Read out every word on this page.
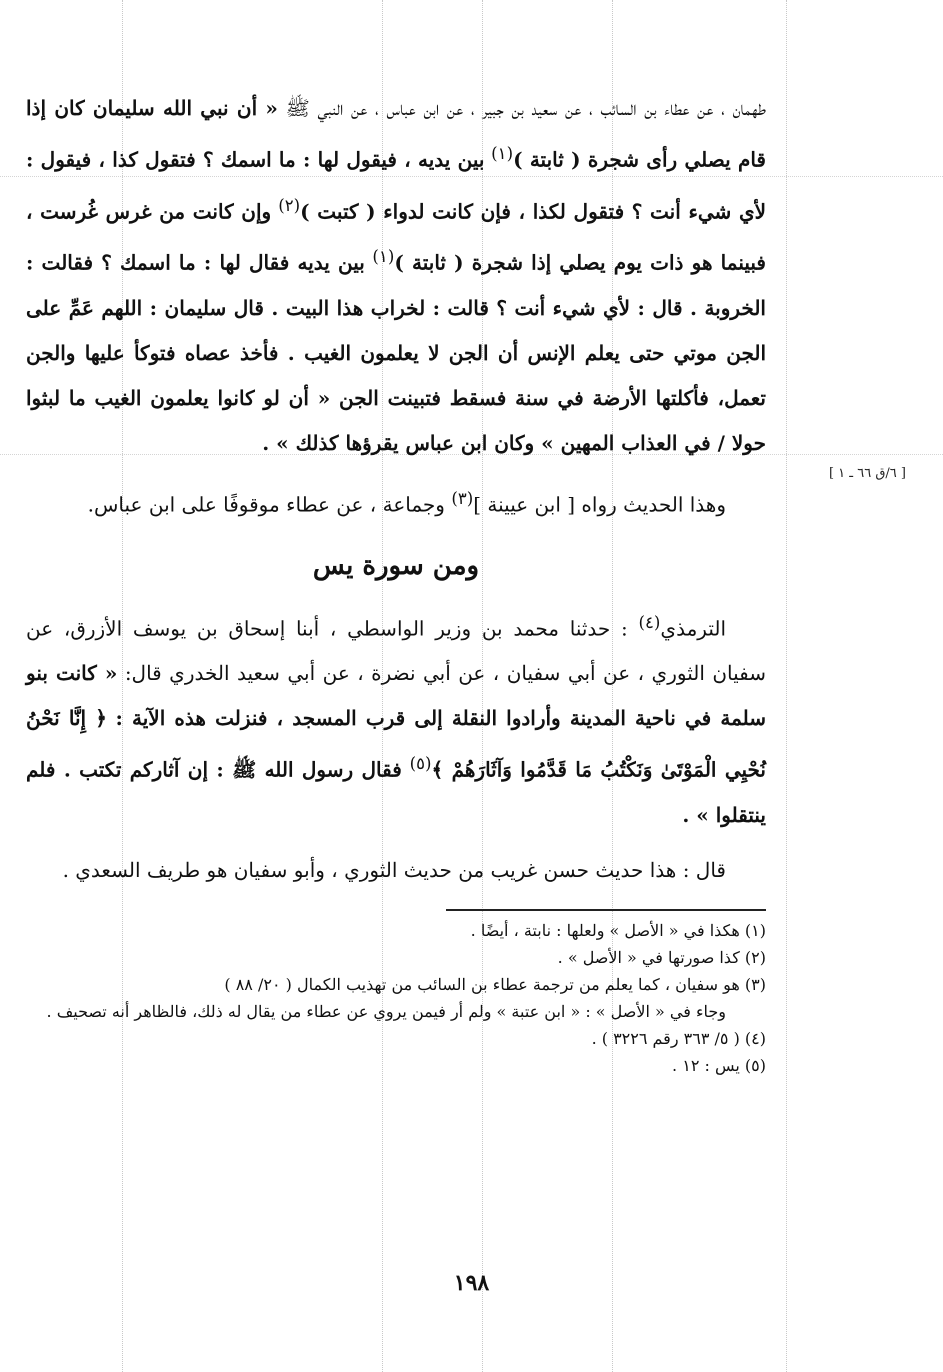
طهمان ، عن عطاء بن السائب ، عن سعيد بن جبير ، عن ابن عباس ، عن النبي ﷺ « أن نبي الله سليمان كان إذا قام يصلي رأى شجرة ( ثابتة )$^{(١)}$ بين يديه ، فيقول لها : ما اسمك ؟ فتقول كذا ، فيقول : لأي شيء أنت ؟ فتقول لكذا ، فإن كانت لدواء ( كتبت )$^{(٢)}$ وإن كانت من غرس غُرست ، فبينما هو ذات يوم يصلي إذا شجرة ( ثابتة )$^{(١)}$ بين يديه فقال لها : ما اسمك ؟ فقالت : الخروبة . قال : لأي شيء أنت ؟ قالت : لخراب هذا البيت . قال سليمان : اللهم عَمِّ على الجن موتي حتى يعلم الإنس أن الجن لا يعلمون الغيب . فأخذ عصاه فتوكأ عليها والجن تعمل، فأكلتها الأرضة في سنة فسقط فتبينت الجن « أن لو كانوا يعلمون الغيب ما لبثوا حولا / في العذاب المهين » وكان ابن عباس يقرؤها كذلك » .

وهذا الحديث رواه [ ابن عيينة ]$^{(٣)}$ وجماعة ، عن عطاء موقوفًا على ابن عباس.

ومن سورة يس

الترمذي$^{(٤)}$ : حدثنا محمد بن وزير الواسطي ، أبنا إسحاق بن يوسف الأزرق، عن سفيان الثوري ، عن أبي سفيان ، عن أبي نضرة ، عن أبي سعيد الخدري قال: « كانت بنو سلمة في ناحية المدينة وأرادوا النقلة إلى قرب المسجد ، فنزلت هذه الآية : ﴿ إِنَّا نَحْنُ نُحْيِي الْمَوْتَىٰ وَنَكْتُبُ مَا قَدَّمُوا وَآثَارَهُمْ ﴾$^{(٥)}$ فقال رسول الله ﷺ : إن آثاركم تكتب . فلم ينتقلوا » .

قال : هذا حديث حسن غريب من حديث الثوري ، وأبو سفيان هو طريف السعدي .

(١) هكذا في « الأصل » ولعلها : نابتة ، أيضًا .

(٢) كذا صورتها في « الأصل » .

(٣) هو سفيان ، كما يعلم من ترجمة عطاء بن السائب من تهذيب الكمال ( ٢٠/ ٨٨ )

وجاء في « الأصل » : « ابن عتبة » ولم أر فيمن يروي عن عطاء من يقال له ذلك، فالظاهر أنه تصحيف .

(٤) ( ٥/ ٣٦٣ رقم ٣٢٢٦ ) .

(٥) يس : ١٢ .

[ ٦/ق ٦٦ ـ ١ ]
١٩٨
